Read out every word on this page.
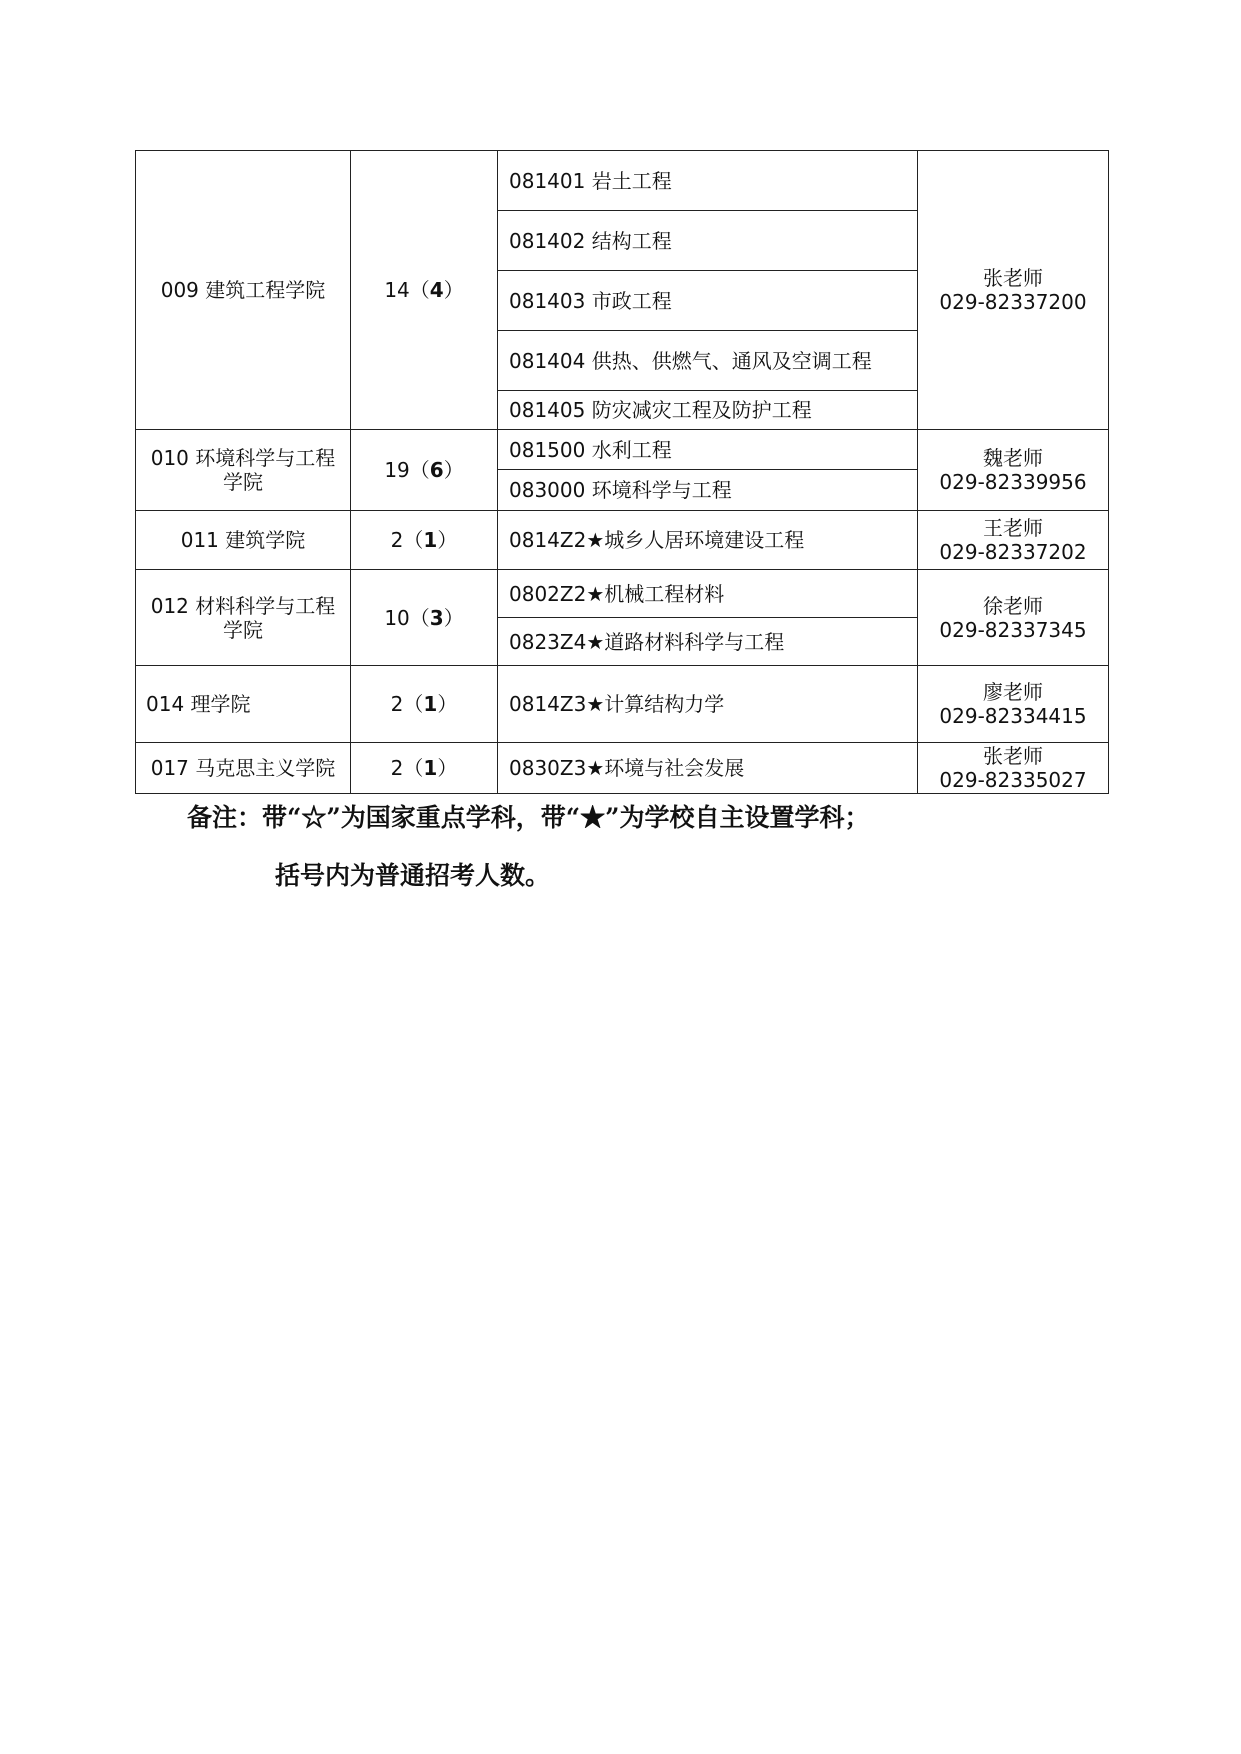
009 建筑工程学院	14（4）	081401 岩土工程	张老师
029-82337200

		081402 结构工程	
		081403 市政工程	
		081404 供热、供燃气、通风及空调工程	
		081405 防灾减灾工程及防护工程	
010 环境科学与工程学院	19（6）	081500 水利工程	魏老师
029-82339956

		083000 环境科学与工程	
011 建筑学院	2（1）	0814Z2★城乡人居环境建设工程	王老师
029-82337202

012 材料科学与工程学院	10（3）	0802Z2★机械工程材料	徐老师
029-82337345

		0823Z4★道路材料科学与工程	
014 理学院	2（1）	0814Z3★计算结构力学	廖老师
029-82334415

017 马克思主义学院	2（1）	0830Z3★环境与社会发展	张老师
029-82335027
备注：带“☆”为国家重点学科，带“★”为学校自主设置学科；
括号内为普通招考人数。
